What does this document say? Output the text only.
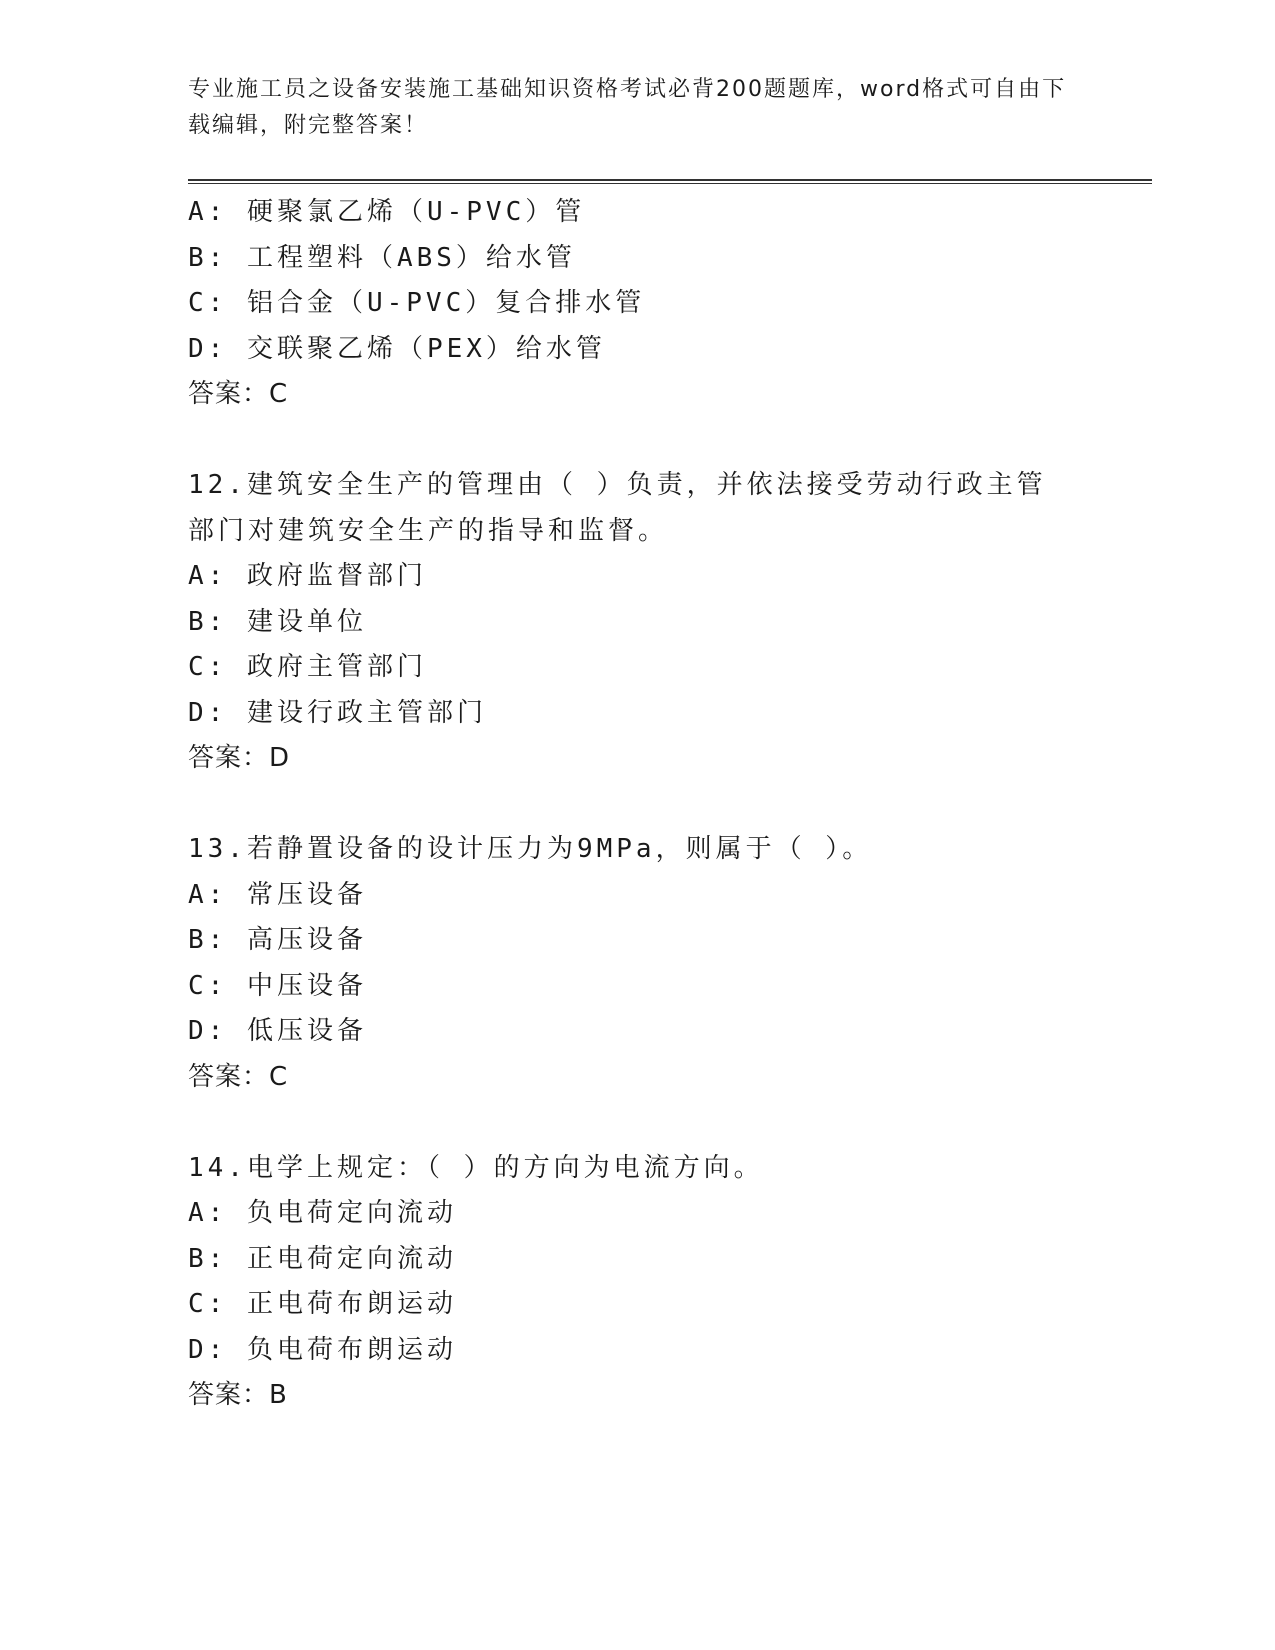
专业施工员之设备安装施工基础知识资格考试必背200题题库，word格式可自由下载编辑，附完整答案！
A: 硬聚氯乙烯（U-PVC）管
B: 工程塑料（ABS）给水管
C: 铝合金（U-PVC）复合排水管
D: 交联聚乙烯（PEX）给水管
答案：C
12.建筑安全生产的管理由（ ）负责，并依法接受劳动行政主管部门对建筑安全生产的指导和监督。
A: 政府监督部门
B: 建设单位
C: 政府主管部门
D: 建设行政主管部门
答案：D
13.若静置设备的设计压力为9MPa，则属于（ ）。
A: 常压设备
B: 高压设备
C: 中压设备
D: 低压设备
答案：C
14.电学上规定：（ ）的方向为电流方向。
A: 负电荷定向流动
B: 正电荷定向流动
C: 正电荷布朗运动
D: 负电荷布朗运动
答案：B
